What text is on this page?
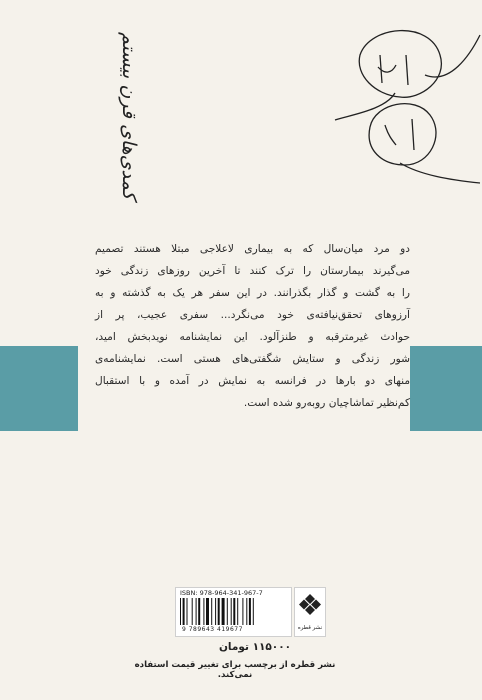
کمدی‌های قرن بیستم
دو مرد میان‌سال که به بیماری لاعلاجی مبتلا هستند تصمیم
می‌گیرند بیمارستان را ترک کنند تا آخرین روزهای زندگی خود
را به گشت و گذار بگذرانند. در این سفر هر یک به گذشته و به
آرزوهای تحقق‌نیافته‌ی خود می‌نگرد... سفری عجیب، پر از
حوادث غیرمترقبه و طنزآلود. این نمایشنامه نویدبخش امید،
شور زندگی و ستایش شگفتی‌های هستی است. نمایشنامه‌ی
منهای دو بارها در فرانسه به نمایش در آمده و با استقبال
کم‌نظیر تماشاچیان روبه‌رو شده است.
ISBN: 978-964-341-967-7
9 789643 419677	نشر قطره
۱۱۵۰۰۰ تومان
نشر قطره از برچسب برای تغییر قیمت استفاده نمی‌کند.
